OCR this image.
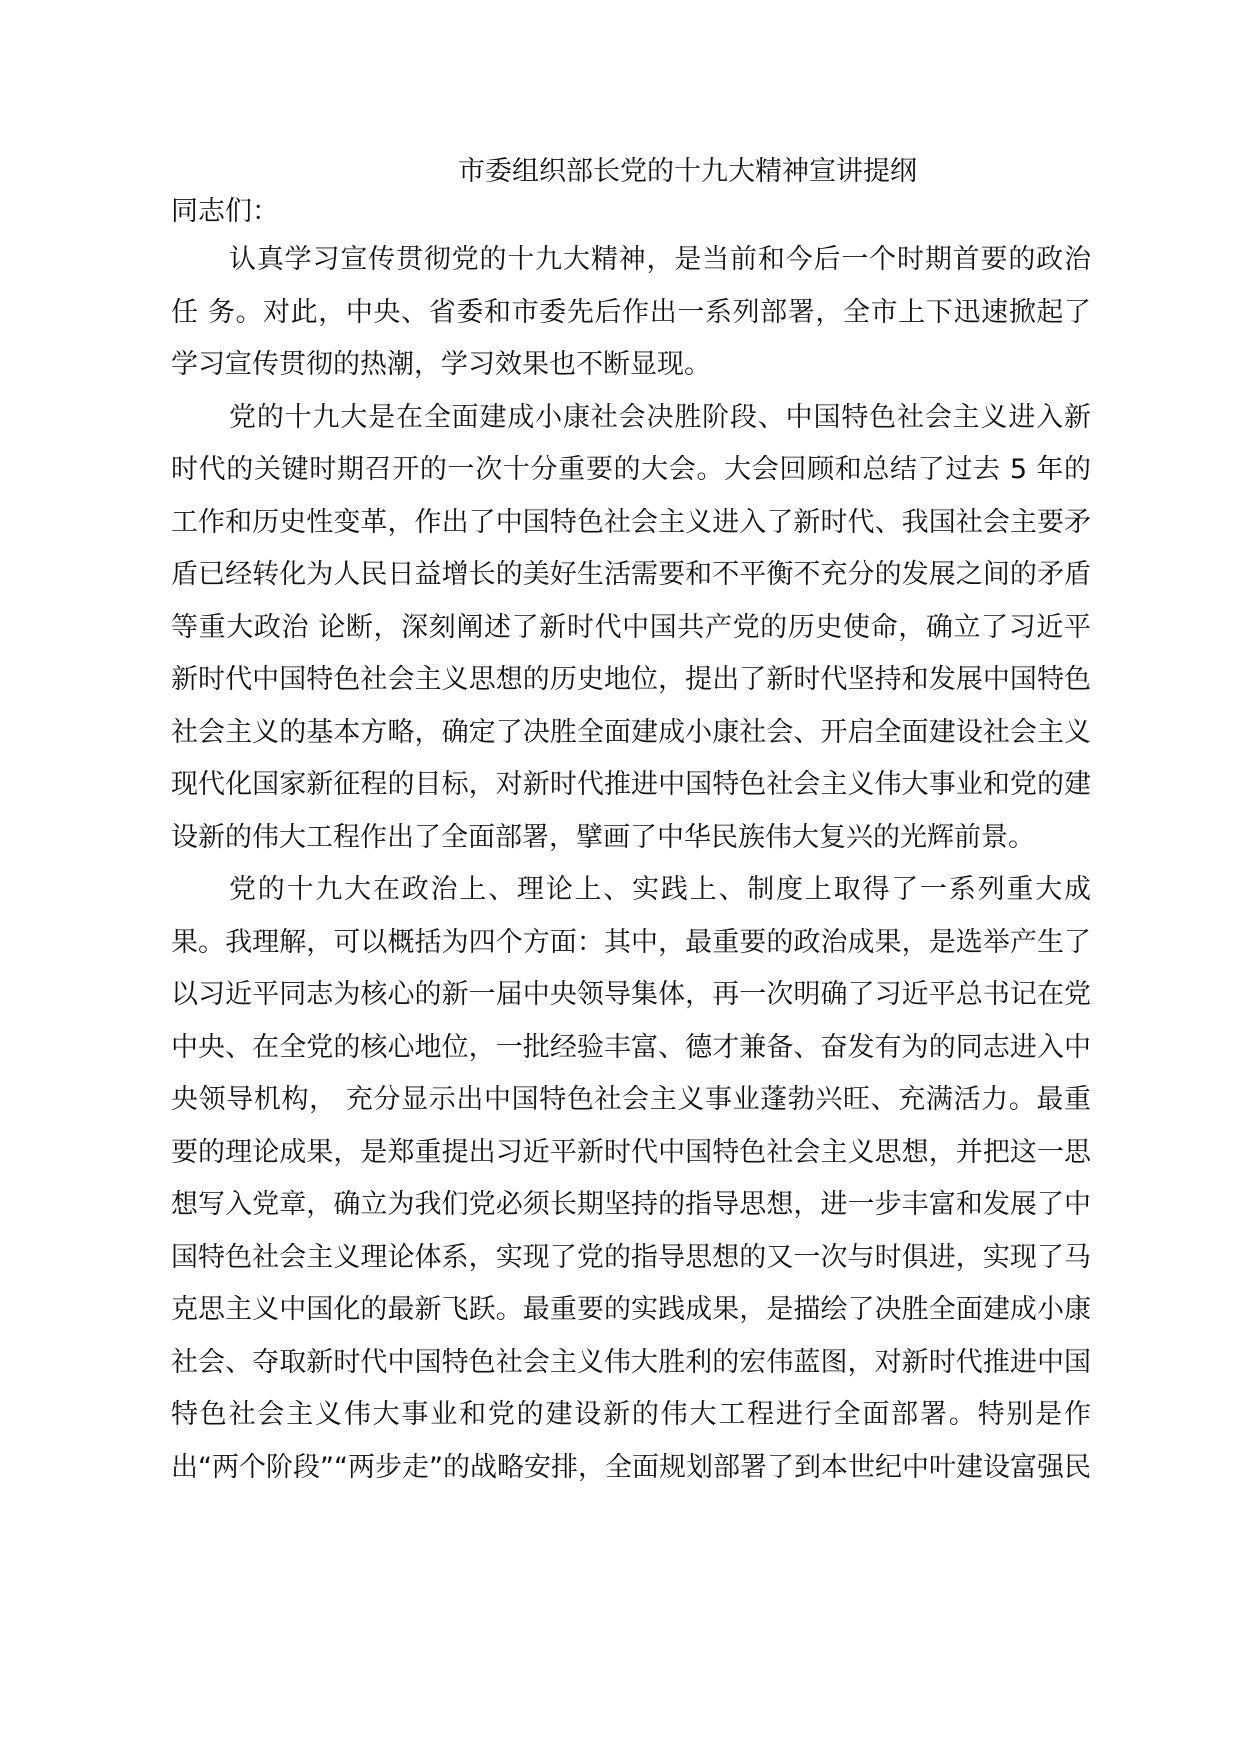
市委组织部长党的十九大精神宣讲提纲
同志们：

认真学习宣传贯彻党的十九大精神，是当前和今后一个时期首要的政治任 务。对此，中央、省委和市委先后作出一系列部署，全市上下迅速掀起了学习宣传贯彻的热潮，学习效果也不断显现。

党的十九大是在全面建成小康社会决胜阶段、中国特色社会主义进入新时代的关键时期召开的一次十分重要的大会。大会回顾和总结了过去 5 年的工作和历史性变革，作出了中国特色社会主义进入了新时代、我国社会主要矛盾已经转化为人民日益增长的美好生活需要和不平衡不充分的发展之间的矛盾等重大政治 论断，深刻阐述了新时代中国共产党的历史使命，确立了习近平新时代中国特色社会主义思想的历史地位，提出了新时代坚持和发展中国特色社会主义的基本方略，确定了决胜全面建成小康社会、开启全面建设社会主义现代化国家新征程的目标，对新时代推进中国特色社会主义伟大事业和党的建设新的伟大工程作出了全面部署，擘画了中华民族伟大复兴的光辉前景。

党的十九大在政治上、理论上、实践上、制度上取得了一系列重大成果。我理解，可以概括为四个方面：其中，最重要的政治成果，是选举产生了以习近平同志为核心的新一届中央领导集体，再一次明确了习近平总书记在党中央、在全党的核心地位，一批经验丰富、德才兼备、奋发有为的同志进入中央领导机构， 充分显示出中国特色社会主义事业蓬勃兴旺、充满活力。最重要的理论成果，是郑重提出习近平新时代中国特色社会主义思想，并把这一思想写入党章，确立为我们党必须长期坚持的指导思想，进一步丰富和发展了中国特色社会主义理论体系，实现了党的指导思想的又一次与时俱进，实现了马克思主义中国化的最新飞跃。最重要的实践成果，是描绘了决胜全面建成小康社会、夺取新时代中国特色社会主义伟大胜利的宏伟蓝图，对新时代推进中国特色社会主义伟大事业和党的建设新的伟大工程进行全面部署。特别是作出“两个阶段”“两步走”的战略安排，全面规划部署了到本世纪中叶建设富强民
